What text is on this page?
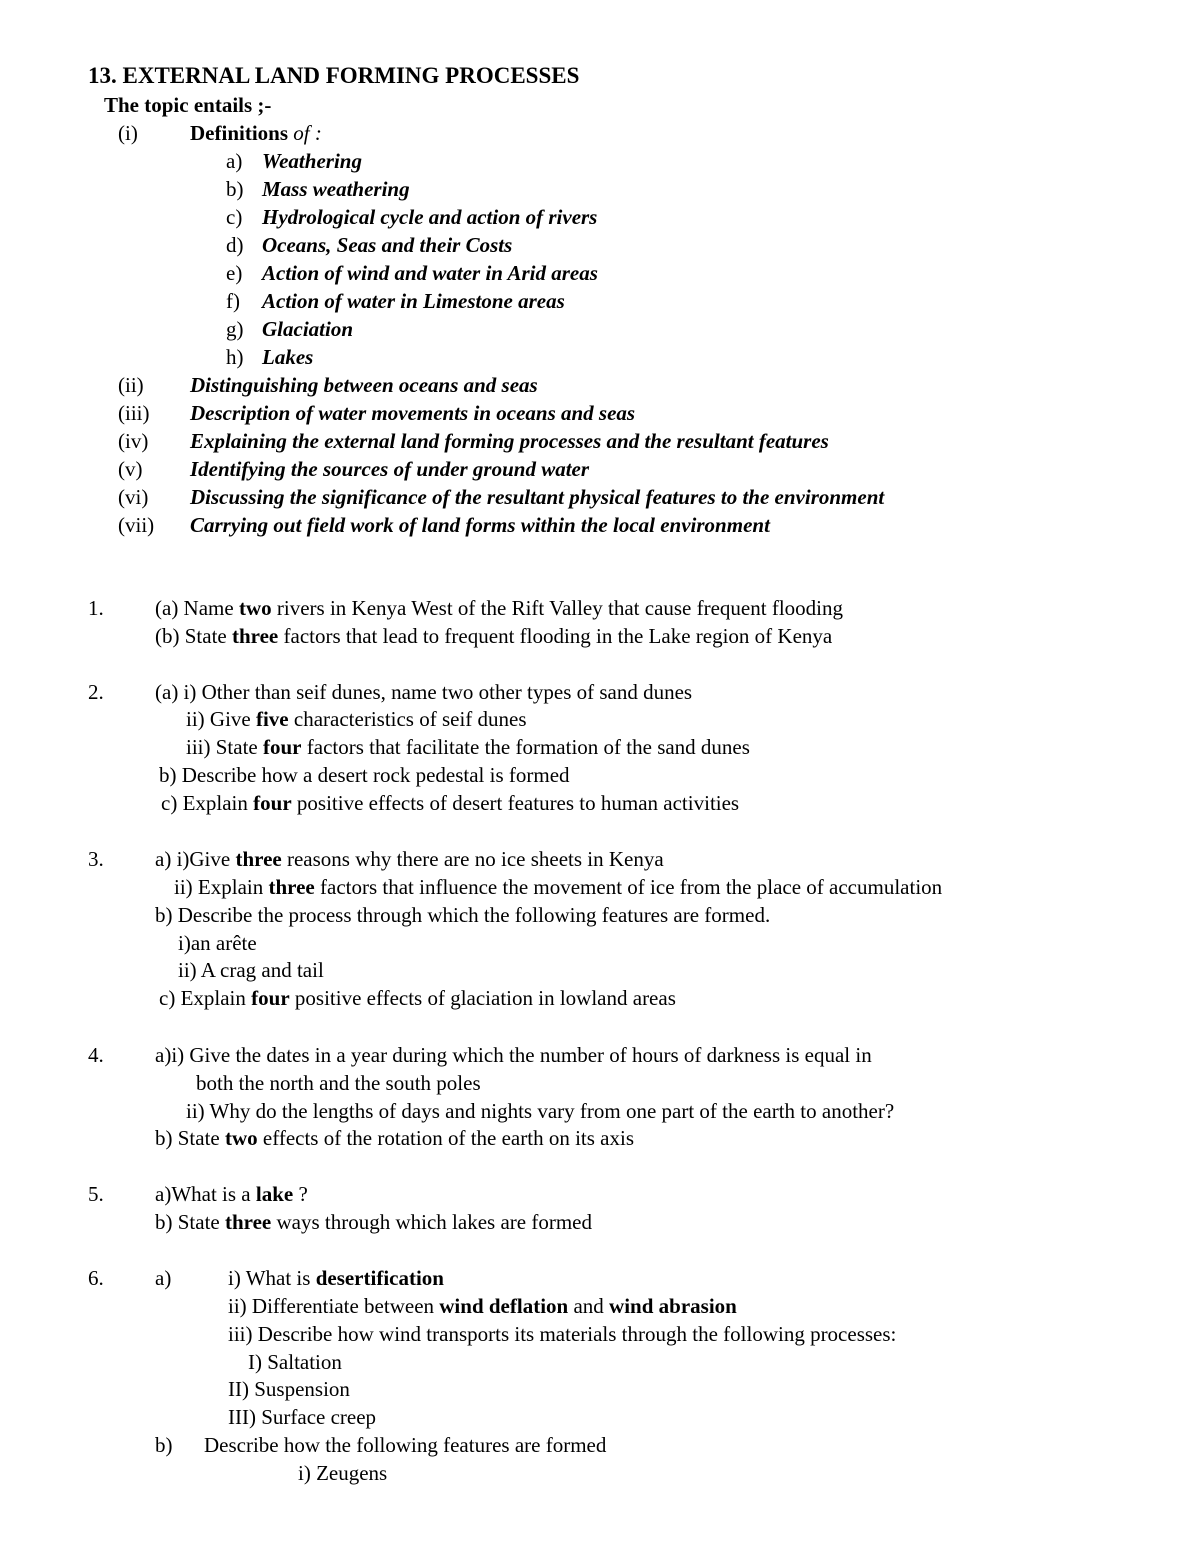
13. EXTERNAL LAND FORMING PROCESSES
The topic entails ;-
(i) Definitions of :
a) Weathering
b) Mass weathering
c) Hydrological cycle and action of rivers
d) Oceans, Seas and their Costs
e) Action of wind and water in Arid areas
f) Action of water in Limestone areas
g) Glaciation
h) Lakes
(ii) Distinguishing between oceans and seas
(iii) Description of water movements in oceans and seas
(iv) Explaining the external land forming processes and the resultant features
(v) Identifying the sources of under ground water
(vi) Discussing the significance of the resultant physical features to the environment
(vii) Carrying out field work of land forms within the local environment
1. (a) Name two rivers in Kenya West of the Rift Valley that cause frequent flooding
(b) State three factors that lead to frequent flooding in the Lake region of Kenya
2. (a) i) Other than seif dunes, name two other types of sand dunes
ii) Give five characteristics of seif dunes
iii) State four factors that facilitate the formation of the sand dunes
b) Describe how a desert rock pedestal is formed
c) Explain four positive effects of desert features to human activities
3. a) i)Give three reasons why there are no ice sheets in Kenya
ii) Explain three factors that influence the movement of ice from the place of accumulation
b) Describe the process through which the following features are formed.
i)an arête
ii) A crag and tail
c) Explain four positive effects of glaciation in lowland areas
4. a)i) Give the dates in a year during which the number of hours of darkness is equal in
both the north and the south poles
ii) Why do the lengths of days and nights vary from one part of the earth to another?
b) State two effects of the rotation of the earth on its axis
5. a)What is a lake ?
b) State three ways through which lakes are formed
6. a)	i) What is desertification
ii) Differentiate between wind deflation and wind abrasion
iii) Describe how wind transports its materials through the following processes:
I) Saltation
II) Suspension
III) Surface creep
b) Describe how the following features are formed
i) Zeugens
